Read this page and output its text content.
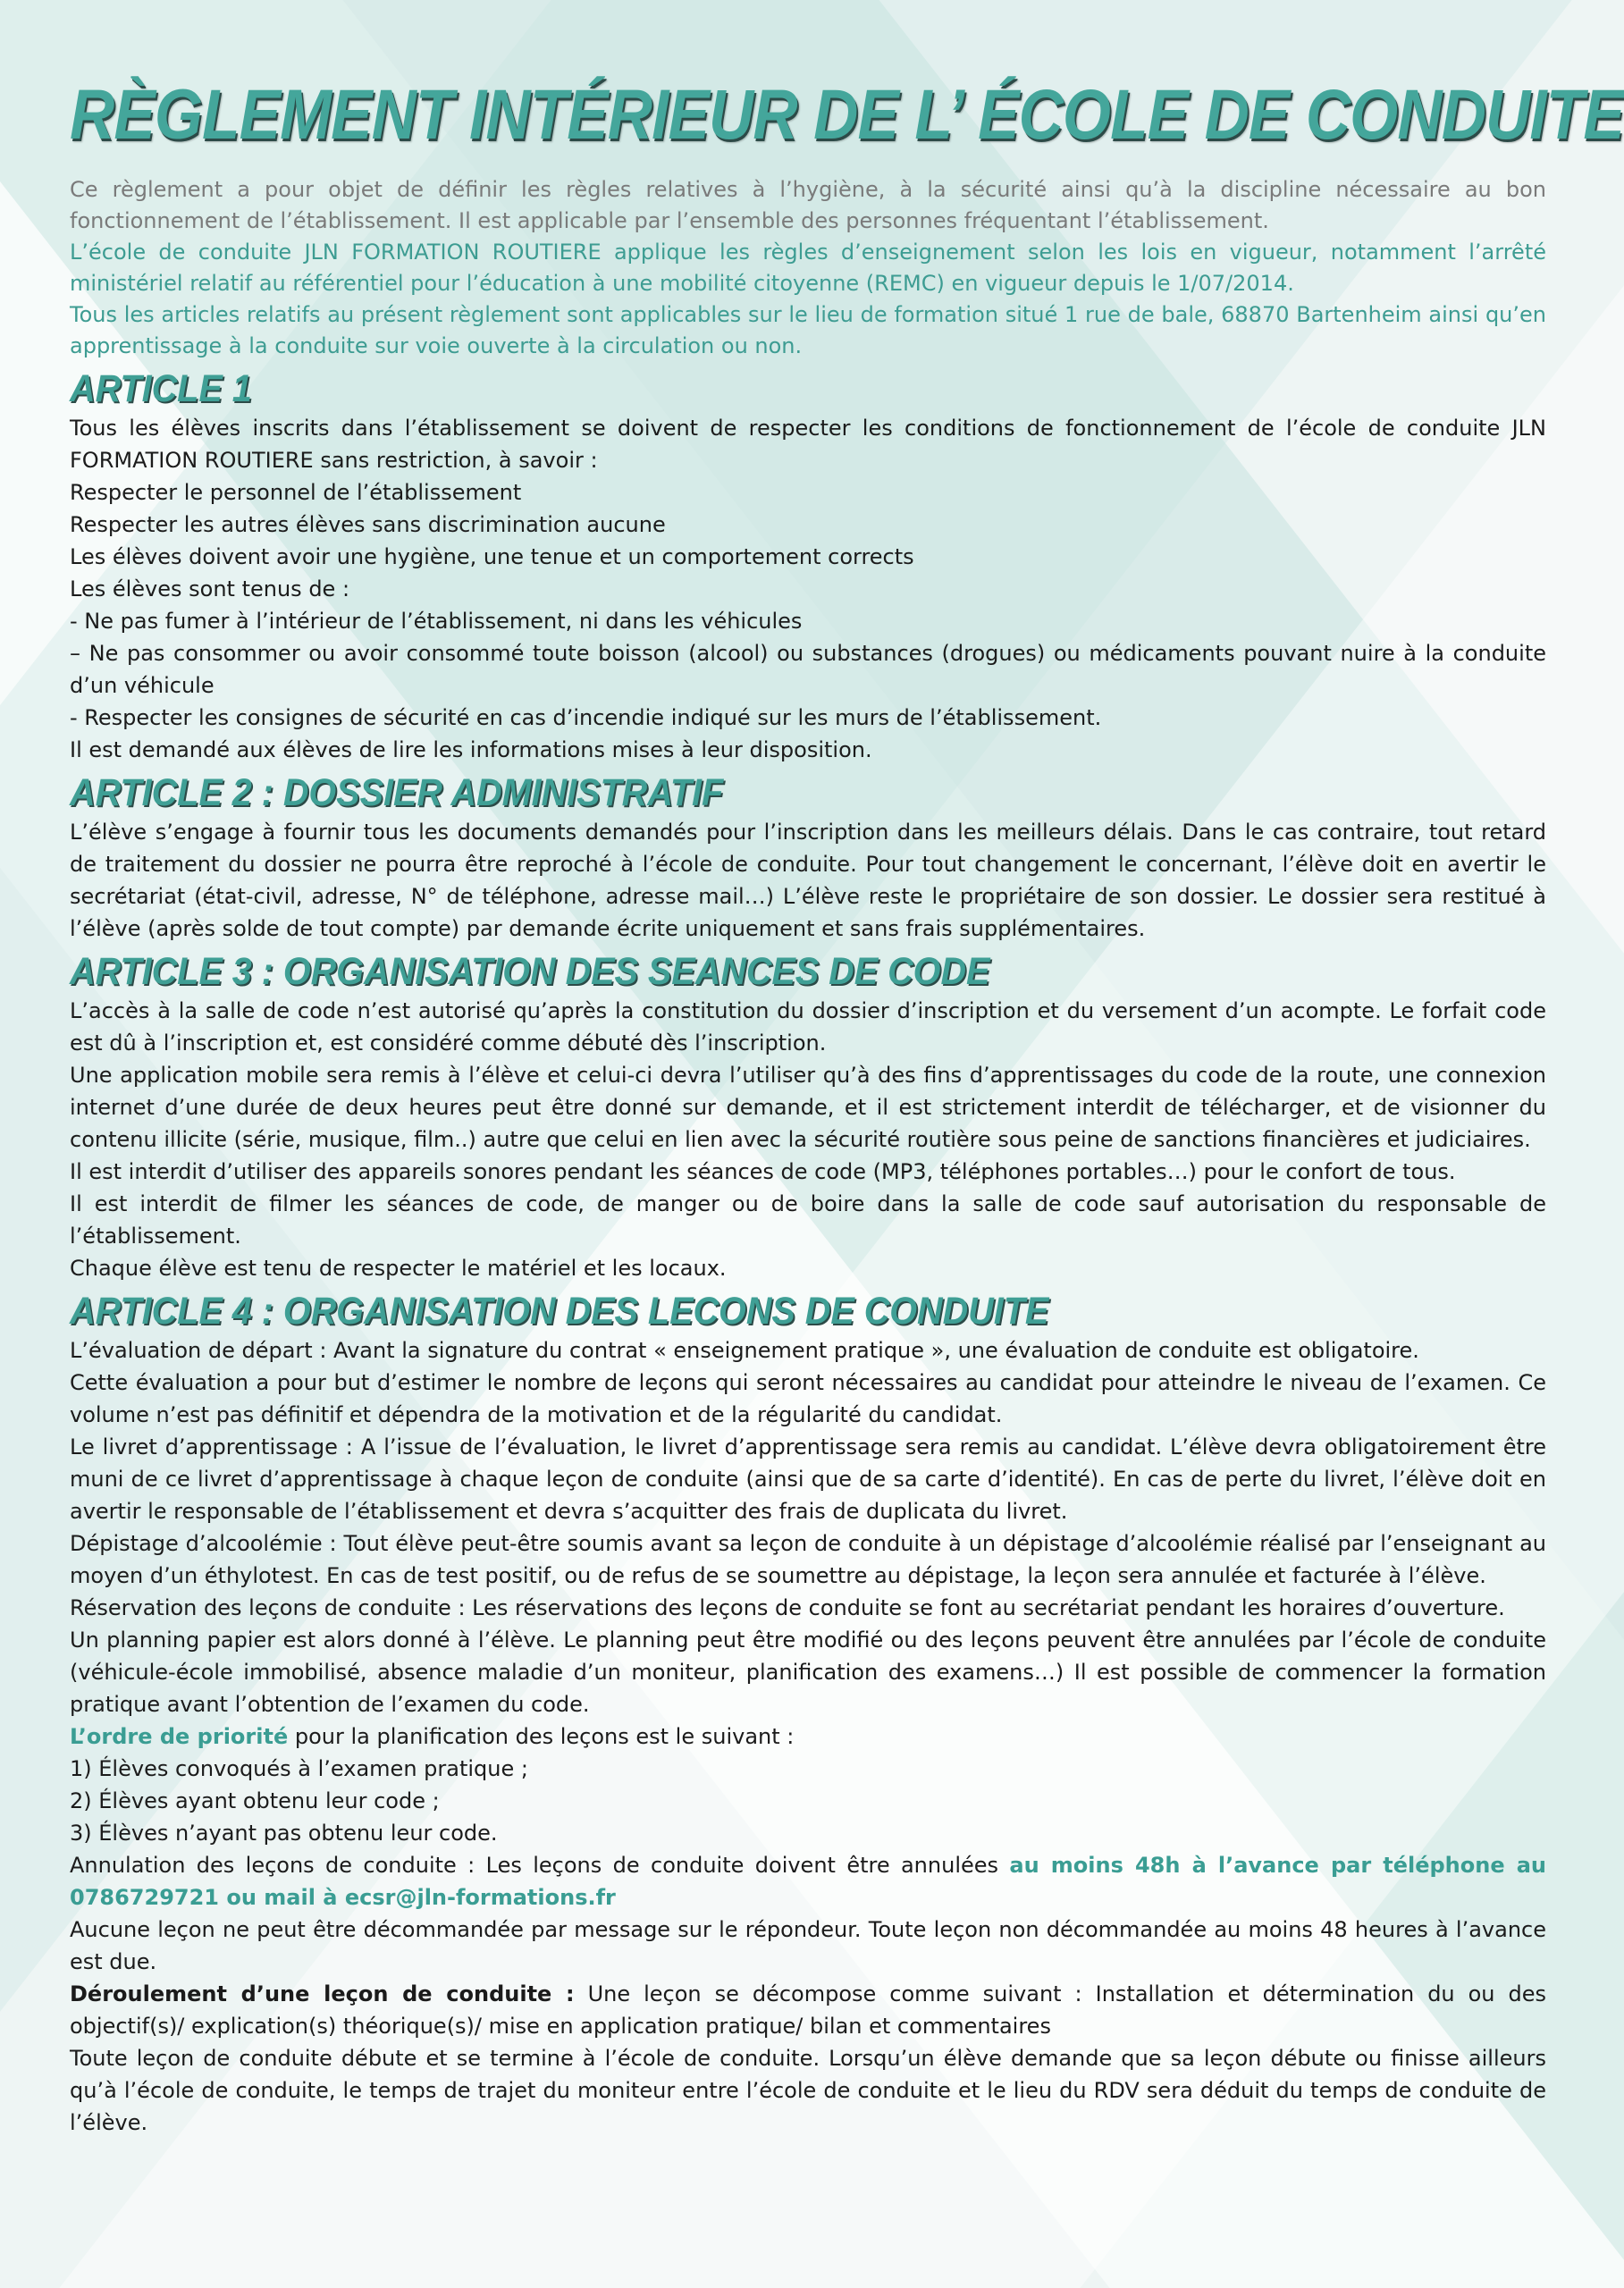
RÈGLEMENT INTÉRIEUR DE L’ ÉCOLE DE CONDUITE

Ce règlement a pour objet de définir les règles relatives à l’hygiène, à la sécurité ainsi qu’à la discipline nécessaire au bon fonctionnement de l’établissement. Il est applicable par l’ensemble des personnes fréquentant l’établissement.

L’école de conduite JLN FORMATION ROUTIERE applique les règles d’enseignement selon les lois en vigueur, notamment l’arrêté ministériel relatif au référentiel pour l’éducation à une mobilité citoyenne (REMC) en vigueur depuis le 1/07/2014.

Tous les articles relatifs au présent règlement sont applicables sur le lieu de formation situé 1 rue de bale, 68870 Bartenheim ainsi qu’en apprentissage à la conduite sur voie ouverte à la circulation ou non.

ARTICLE 1

Tous les élèves inscrits dans l’établissement se doivent de respecter les conditions de fonctionnement de l’école de conduite JLN FORMATION ROUTIERE sans restriction, à savoir :

Respecter le personnel de l’établissement

Respecter les autres élèves sans discrimination aucune

Les élèves doivent avoir une hygiène, une tenue et un comportement corrects

Les élèves sont tenus de :

- Ne pas fumer à l’intérieur de l’établissement, ni dans les véhicules

– Ne pas consommer ou avoir consommé toute boisson (alcool) ou substances (drogues) ou médicaments pouvant nuire à la conduite d’un véhicule

- Respecter les consignes de sécurité en cas d’incendie indiqué sur les murs de l’établissement.

Il est demandé aux élèves de lire les informations mises à leur disposition.

ARTICLE 2 : DOSSIER ADMINISTRATIF

L’élève s’engage à fournir tous les documents demandés pour l’inscription dans les meilleurs délais. Dans le cas contraire, tout retard de traitement du dossier ne pourra être reproché à l’école de conduite. Pour tout changement le concernant, l’élève doit en avertir le secrétariat (état-civil, adresse, N° de téléphone, adresse mail…) L’élève reste le propriétaire de son dossier. Le dossier sera restitué à l’élève (après solde de tout compte) par demande écrite uniquement et sans frais supplémentaires.

ARTICLE 3 : ORGANISATION DES SEANCES DE CODE

L’accès à la salle de code n’est autorisé qu’après la constitution du dossier d’inscription et du versement d’un acompte. Le forfait code est dû à l’inscription et, est considéré comme débuté dès l’inscription.

Une application mobile sera remis à l’élève et celui-ci devra l’utiliser qu’à des fins d’apprentissages du code de la route, une connexion internet d’une durée de deux heures peut être donné sur demande, et il est strictement interdit de télécharger, et de visionner du contenu illicite (série, musique, film..) autre que celui en lien avec la sécurité routière sous peine de sanctions financières et judiciaires.

Il est interdit d’utiliser des appareils sonores pendant les séances de code (MP3, téléphones portables…) pour le confort de tous.

Il est interdit de filmer les séances de code, de manger ou de boire dans la salle de code sauf autorisation du responsable de l’établissement.

Chaque élève est tenu de respecter le matériel et les locaux.

ARTICLE 4 : ORGANISATION DES LECONS DE CONDUITE

L’évaluation de départ : Avant la signature du contrat « enseignement pratique », une évaluation de conduite est obligatoire.

Cette évaluation a pour but d’estimer le nombre de leçons qui seront nécessaires au candidat pour atteindre le niveau de l’examen. Ce volume n’est pas définitif et dépendra de la motivation et de la régularité du candidat.

Le livret d’apprentissage : A l’issue de l’évaluation, le livret d’apprentissage sera remis au candidat. L’élève devra obligatoirement être muni de ce livret d’apprentissage à chaque leçon de conduite (ainsi que de sa carte d’identité). En cas de perte du livret, l’élève doit en avertir le responsable de l’établissement et devra s’acquitter des frais de duplicata du livret.

Dépistage d’alcoolémie : Tout élève peut-être soumis avant sa leçon de conduite à un dépistage d’alcoolémie réalisé par l’enseignant au moyen d’un éthylotest. En cas de test positif, ou de refus de se soumettre au dépistage, la leçon sera annulée et facturée à l’élève.

Réservation des leçons de conduite : Les réservations des leçons de conduite se font au secrétariat pendant les horaires d’ouverture.

Un planning papier est alors donné à l’élève. Le planning peut être modifié ou des leçons peuvent être annulées par l’école de conduite (véhicule-école immobilisé, absence maladie d’un moniteur, planification des examens…) Il est possible de commencer la formation pratique avant l’obtention de l’examen du code.

L’ordre de priorité pour la planification des leçons est le suivant :

1) Élèves convoqués à l’examen pratique ;

2) Élèves ayant obtenu leur code ;

3) Élèves n’ayant pas obtenu leur code.

Annulation des leçons de conduite : Les leçons de conduite doivent être annulées au moins 48h à l’avance par téléphone au 0786729721 ou mail à ecsr@jln-formations.fr

Aucune leçon ne peut être décommandée par message sur le répondeur. Toute leçon non décommandée au moins 48 heures à l’avance est due.

Déroulement d’une leçon de conduite : Une leçon se décompose comme suivant : Installation et détermination du ou des objectif(s)/ explication(s) théorique(s)/ mise en application pratique/ bilan et commentaires

Toute leçon de conduite débute et se termine à l’école de conduite. Lorsqu’un élève demande que sa leçon débute ou finisse ailleurs qu’à l’école de conduite, le temps de trajet du moniteur entre l’école de conduite et le lieu du RDV sera déduit du temps de conduite de l’élève.
